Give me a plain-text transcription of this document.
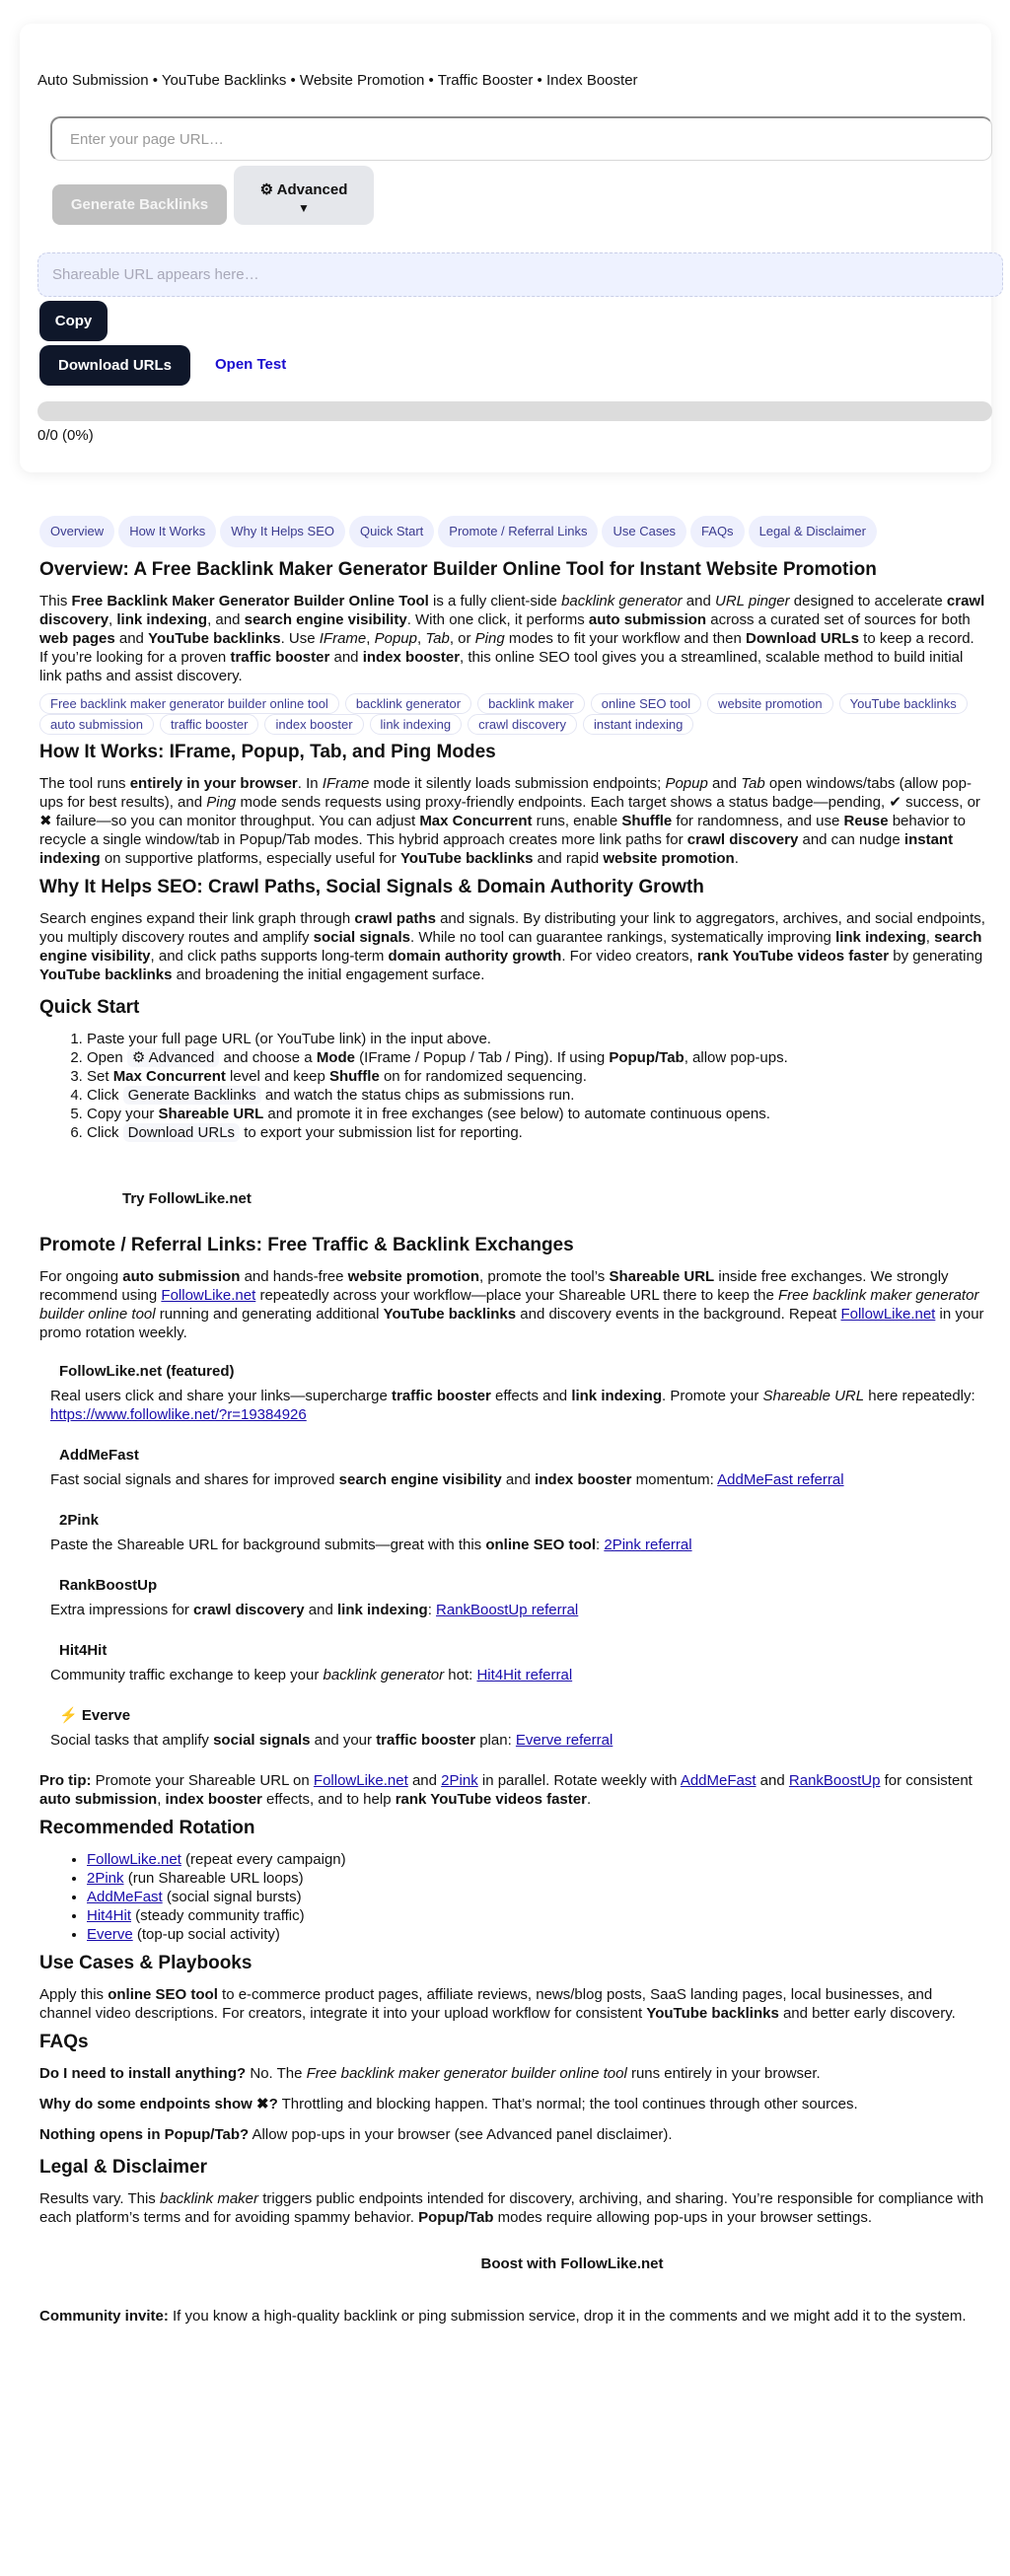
Auto Submission • YouTube Backlinks • Website Promotion • Traffic Booster • Index Booster
Enter your page URL…
Generate Backlinks
⚙ Advanced
▼
Shareable URL appears here…
Copy
Download URLs	Open Test
0/0 (0%)
Overview	How It Works	Why It Helps SEO	Quick Start	Promote / Referral Links	Use Cases	FAQs	Legal & Disclaimer
Overview: A Free Backlink Maker Generator Builder Online Tool for Instant Website Promotion

This Free Backlink Maker Generator Builder Online Tool is a fully client-side backlink generator and URL pinger designed to accelerate crawl discovery, link indexing, and search engine visibility. With one click, it performs auto submission across a curated set of sources for both web pages and YouTube backlinks. Use IFrame, Popup, Tab, or Ping modes to fit your workflow and then Download URLs to keep a record. If you’re looking for a proven traffic booster and index booster, this online SEO tool gives you a streamlined, scalable method to build initial link paths and assist discovery.

Free backlink maker generator builder online tool	backlink generator	backlink maker	online SEO tool	website promotion	YouTube backlinks
auto submission	traffic booster	index booster	link indexing	crawl discovery	instant indexing
How It Works: IFrame, Popup, Tab, and Ping Modes

The tool runs entirely in your browser. In IFrame mode it silently loads submission endpoints; Popup and Tab open windows/tabs (allow pop-ups for best results), and Ping mode sends requests using proxy-friendly endpoints. Each target shows a status badge—pending, ✔ success, or ✖ failure—so you can monitor throughput. You can adjust Max Concurrent runs, enable Shuffle for randomness, and use Reuse behavior to recycle a single window/tab in Popup/Tab modes. This hybrid approach creates more link paths for crawl discovery and can nudge instant indexing on supportive platforms, especially useful for YouTube backlinks and rapid website promotion.

Why It Helps SEO: Crawl Paths, Social Signals & Domain Authority Growth

Search engines expand their link graph through crawl paths and signals. By distributing your link to aggregators, archives, and social endpoints, you multiply discovery routes and amplify social signals. While no tool can guarantee rankings, systematically improving link indexing, search engine visibility, and click paths supports long-term domain authority growth. For video creators, rank YouTube videos faster by generating YouTube backlinks and broadening the initial engagement surface.

Quick Start
1. Paste your full page URL (or YouTube link) in the input above.
2. Open ⚙ Advanced and choose a Mode (IFrame / Popup / Tab / Ping). If using Popup/Tab, allow pop-ups.
3. Set Max Concurrent level and keep Shuffle on for randomized sequencing.
4. Click Generate Backlinks and watch the status chips as submissions run.
5. Copy your Shareable URL and promote it in free exchanges (see below) to automate continuous opens.
6. Click Download URLs to export your submission list for reporting.
Try FollowLike.net
Promote / Referral Links: Free Traffic & Backlink Exchanges

For ongoing auto submission and hands-free website promotion, promote the tool’s Shareable URL inside free exchanges. We strongly recommend using FollowLike.net repeatedly across your workflow—place your Shareable URL there to keep the Free backlink maker generator builder online tool running and generating additional YouTube backlinks and discovery events in the background. Repeat FollowLike.net in your promo rotation weekly.

FollowLike.net (featured)

Real users click and share your links—supercharge traffic booster effects and link indexing. Promote your Shareable URL here repeatedly: https://www.followlike.net/?r=19384926

AddMeFast

Fast social signals and shares for improved search engine visibility and index booster momentum: AddMeFast referral

2Pink

Paste the Shareable URL for background submits—great with this online SEO tool: 2Pink referral

RankBoostUp

Extra impressions for crawl discovery and link indexing: RankBoostUp referral

Hit4Hit

Community traffic exchange to keep your backlink generator hot: Hit4Hit referral

⚡ Everve

Social tasks that amplify social signals and your traffic booster plan: Everve referral

Pro tip: Promote your Shareable URL on FollowLike.net and 2Pink in parallel. Rotate weekly with AddMeFast and RankBoostUp for consistent auto submission, index booster effects, and to help rank YouTube videos faster.

Recommended Rotation
• FollowLike.net (repeat every campaign)
• 2Pink (run Shareable URL loops)
• AddMeFast (social signal bursts)
• Hit4Hit (steady community traffic)
• Everve (top-up social activity)
Use Cases & Playbooks

Apply this online SEO tool to e-commerce product pages, affiliate reviews, news/blog posts, SaaS landing pages, local businesses, and channel video descriptions. For creators, integrate it into your upload workflow for consistent YouTube backlinks and better early discovery.

FAQs

Do I need to install anything? No. The Free backlink maker generator builder online tool runs entirely in your browser.

Why do some endpoints show ✖? Throttling and blocking happen. That’s normal; the tool continues through other sources.

Nothing opens in Popup/Tab? Allow pop-ups in your browser (see Advanced panel disclaimer).

Legal & Disclaimer

Results vary. This backlink maker triggers public endpoints intended for discovery, archiving, and sharing. You’re responsible for compliance with each platform’s terms and for avoiding spammy behavior. Popup/Tab modes require allowing pop-ups in your browser settings.

Boost with FollowLike.net

Community invite: If you know a high-quality backlink or ping submission service, drop it in the comments and we might add it to the system.
